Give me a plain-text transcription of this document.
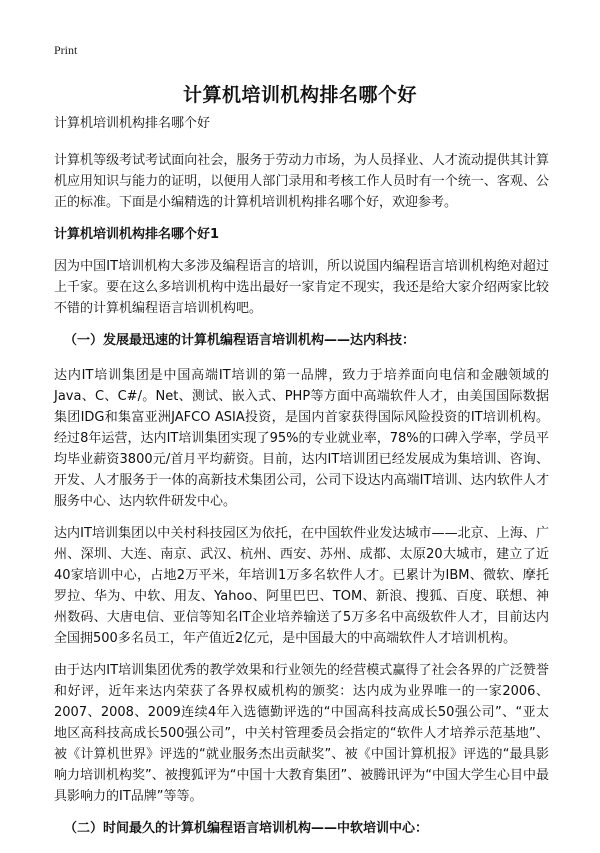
Print
计算机培训机构排名哪个好

计算机培训机构排名哪个好

计算机等级考试考试面向社会，服务于劳动力市场，为人员择业、人才流动提供其计算机应用知识与能力的证明，以便用人部门录用和考核工作人员时有一个统一、客观、公正的标准。下面是小编精选的计算机培训机构排名哪个好，欢迎参考。

计算机培训机构排名哪个好1

因为中国IT培训机构大多涉及编程语言的培训，所以说国内编程语言培训机构绝对超过上千家。要在这么多培训机构中选出最好一家肯定不现实，我还是给大家介绍两家比较不错的计算机编程语言培训机构吧。

（一）发展最迅速的计算机编程语言培训机构——达内科技：

达内IT培训集团是中国高端IT培训的第一品牌，致力于培养面向电信和金融领域的Java、C、C#/。Net、测试、嵌入式、PHP等方面中高端软件人才，由美国国际数据集团IDG和集富亚洲JAFCO ASIA投资，是国内首家获得国际风险投资的IT培训机构。经过8年运营，达内IT培训集团实现了95%的专业就业率，78%的口碑入学率，学员平均毕业薪资3800元/首月平均薪资。目前，达内IT培训团已经发展成为集培训、咨询、开发、人才服务于一体的高新技术集团公司，公司下设达内高端IT培训、达内软件人才服务中心、达内软件研发中心。

达内IT培训集团以中关村科技园区为依托，在中国软件业发达城市——北京、上海、广州、深圳、大连、南京、武汉、杭州、西安、苏州、成都、太原20大城市，建立了近40家培训中心，占地2万平米，年培训1万多名软件人才。已累计为IBM、微软、摩托罗拉、华为、中软、用友、Yahoo、阿里巴巴、TOM、新浪、搜狐、百度、联想、神州数码、大唐电信、亚信等知名IT企业培养输送了5万多名中高级软件人才，目前达内全国拥500多名员工，年产值近2亿元，是中国最大的中高端软件人才培训机构。

由于达内IT培训集团优秀的教学效果和行业领先的经营模式赢得了社会各界的广泛赞誉和好评，近年来达内荣获了各界权威机构的颁奖：达内成为业界唯一的一家2006、2007、2008、2009连续4年入选德勤评选的“中国高科技高成长50强公司”、“亚太地区高科技高成长500强公司”，中关村管理委员会指定的“软件人才培养示范基地”、被《计算机世界》评选的“就业服务杰出贡献奖”、被《中国计算机报》评选的“最具影响力培训机构奖”、被搜狐评为“中国十大教育集团”、被腾讯评为“中国大学生心目中最具影响力的IT品牌”等等。

（二）时间最久的计算机编程语言培训机构——中软培训中心：
